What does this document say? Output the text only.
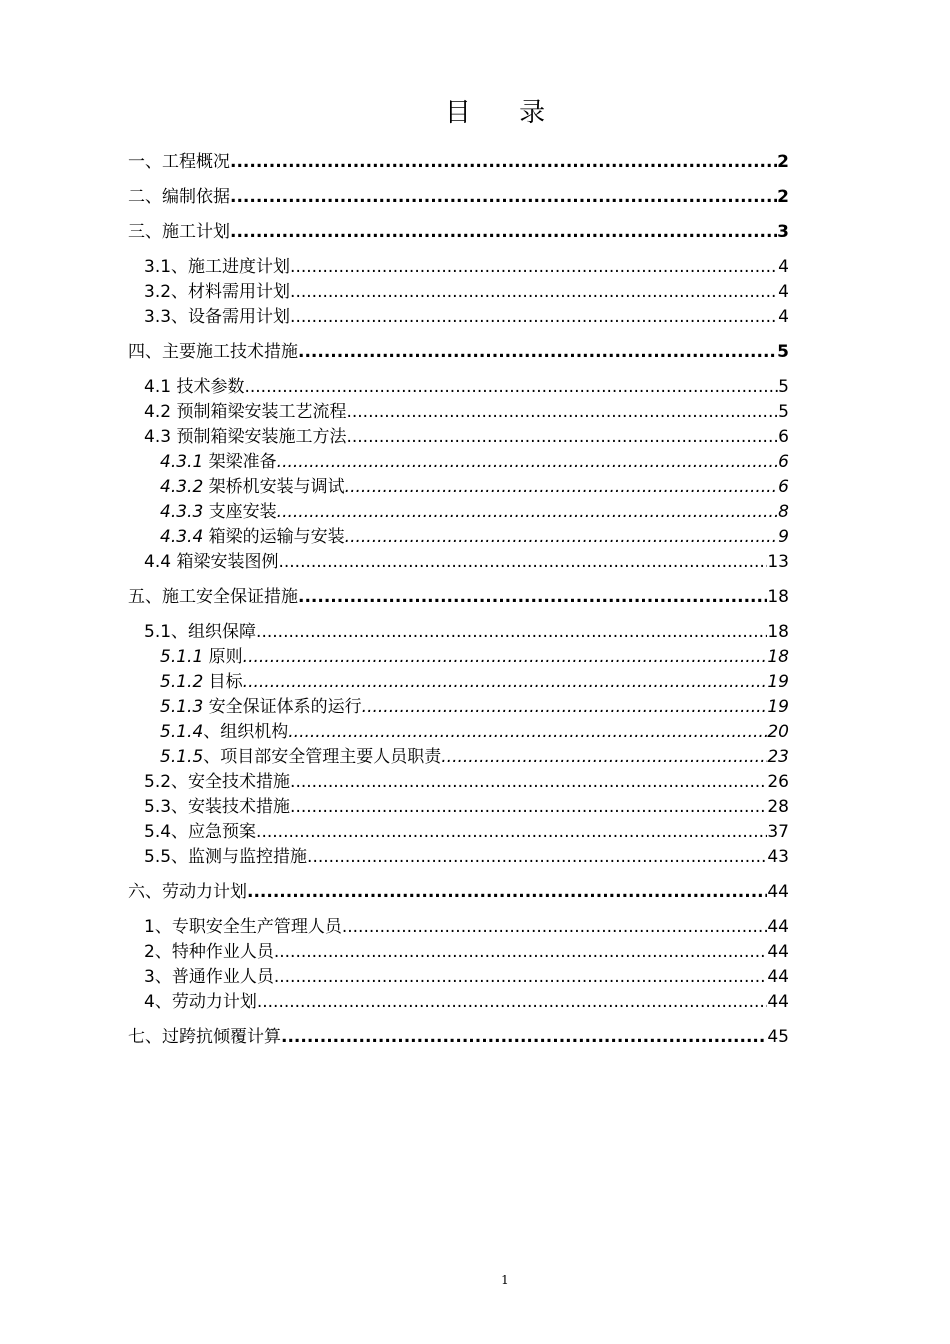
目 录
一、工程概况 .....	2
二、编制依据 .....	2
三、施工计划 .....	3
3.1、施工进度计划 .....	4
3.2、材料需用计划 .....	4
3.3、设备需用计划 .....	4
四、主要施工技术措施 .....	5
4.1 技术参数 .....	5
4.2 预制箱梁安装工艺流程 .....	5
4.3 预制箱梁安装施工方法 .....	6
4.3.1 架梁准备 .....	6
4.3.2 架桥机安装与调试 .....	6
4.3.3 支座安装 .....	8
4.3.4 箱梁的运输与安装 .....	9
4.4 箱梁安装图例 .....	13
五、施工安全保证措施 .....	18
5.1、组织保障 .....	18
5.1.1 原则 .....	18
5.1.2 目标 .....	19
5.1.3 安全保证体系的运行 .....	19
5.1.4、组织机构 .....	20
5.1.5、项目部安全管理主要人员职责 .....	23
5.2、安全技术措施 .....	26
5.3、安装技术措施 .....	28
5.4、应急预案 .....	37
5.5、监测与监控措施 .....	43
六、劳动力计划 .....	44
1、专职安全生产管理人员 .....	44
2、特种作业人员 .....	44
3、普通作业人员 .....	44
4、劳动力计划 .....	44
七、过跨抗倾覆计算 .....	45
1
